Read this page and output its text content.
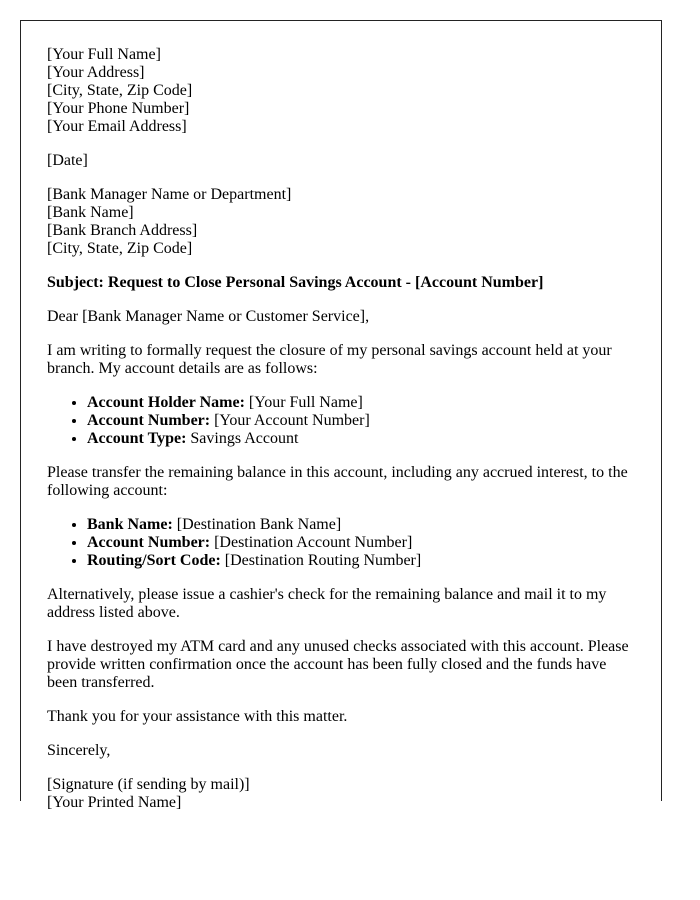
[Your Full Name]
[Your Address]
[City, State, Zip Code]
[Your Phone Number]
[Your Email Address]

[Date]

[Bank Manager Name or Department]
[Bank Name]
[Bank Branch Address]
[City, State, Zip Code]

Subject: Request to Close Personal Savings Account - [Account Number]

Dear [Bank Manager Name or Customer Service],

I am writing to formally request the closure of my personal savings account held at your branch. My account details are as follows:

• Account Holder Name: [Your Full Name]
• Account Number: [Your Account Number]
• Account Type: Savings Account

Please transfer the remaining balance in this account, including any accrued interest, to the following account:

• Bank Name: [Destination Bank Name]
• Account Number: [Destination Account Number]
• Routing/Sort Code: [Destination Routing Number]

Alternatively, please issue a cashier's check for the remaining balance and mail it to my address listed above.

I have destroyed my ATM card and any unused checks associated with this account. Please provide written confirmation once the account has been fully closed and the funds have been transferred.

Thank you for your assistance with this matter.

Sincerely,

[Signature (if sending by mail)]
[Your Printed Name]
